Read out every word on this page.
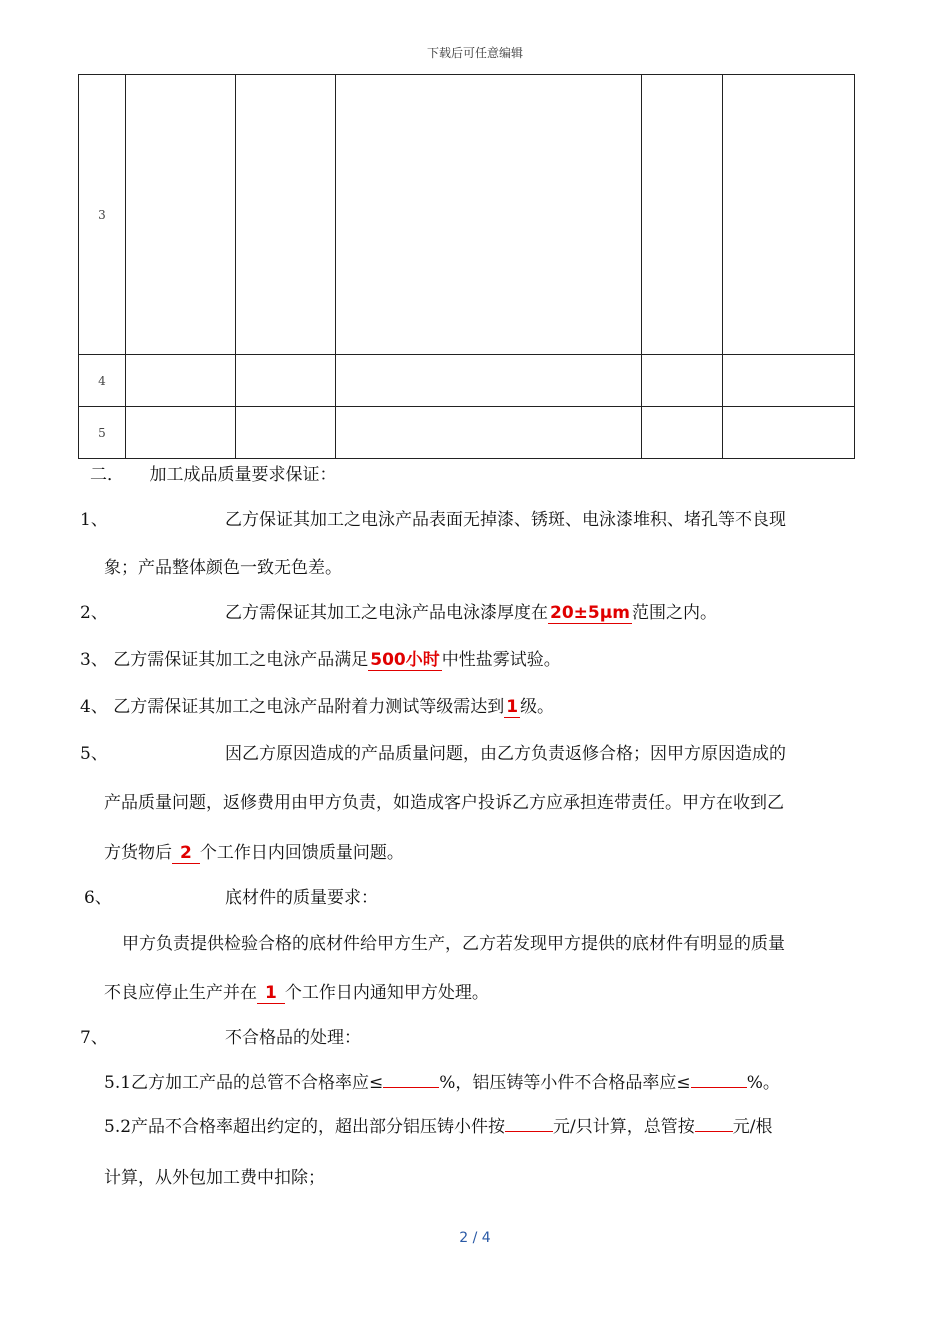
下载后可任意编辑
3					
4					
5					
二．　　加工成品质量要求保证：
1、	乙方保证其加工之电泳产品表面无掉漆、锈斑、电泳漆堆积、堵孔等不良现
象；产品整体颜色一致无色差。
2、	乙方需保证其加工之电泳产品电泳漆厚度在 20±5μm 范围之内。
3、 乙方需保证其加工之电泳产品满足 500小时 中性盐雾试验。
4、 乙方需保证其加工之电泳产品附着力测试等级需达到 1 级。
5、	因乙方原因造成的产品质量问题，由乙方负责返修合格；因甲方原因造成的
产品质量问题，返修费用由甲方负责，如造成客户投诉乙方应承担连带责任。甲方在收到乙
方货物后 2 个工作日内回馈质量问题。
6、	底材件的质量要求：
甲方负责提供检验合格的底材件给甲方生产，乙方若发现甲方提供的底材件有明显的质量
不良应停止生产并在 1 个工作日内通知甲方处理。
7、	不合格品的处理：
5.1乙方加工产品的总管不合格率应≤	%，铝压铸等小件不合格品率应≤	%。
5.2产品不合格率超出约定的，超出部分铝压铸小件按	元/只计算，总管按 元/根
计算，从外包加工费中扣除；
2 / 4
